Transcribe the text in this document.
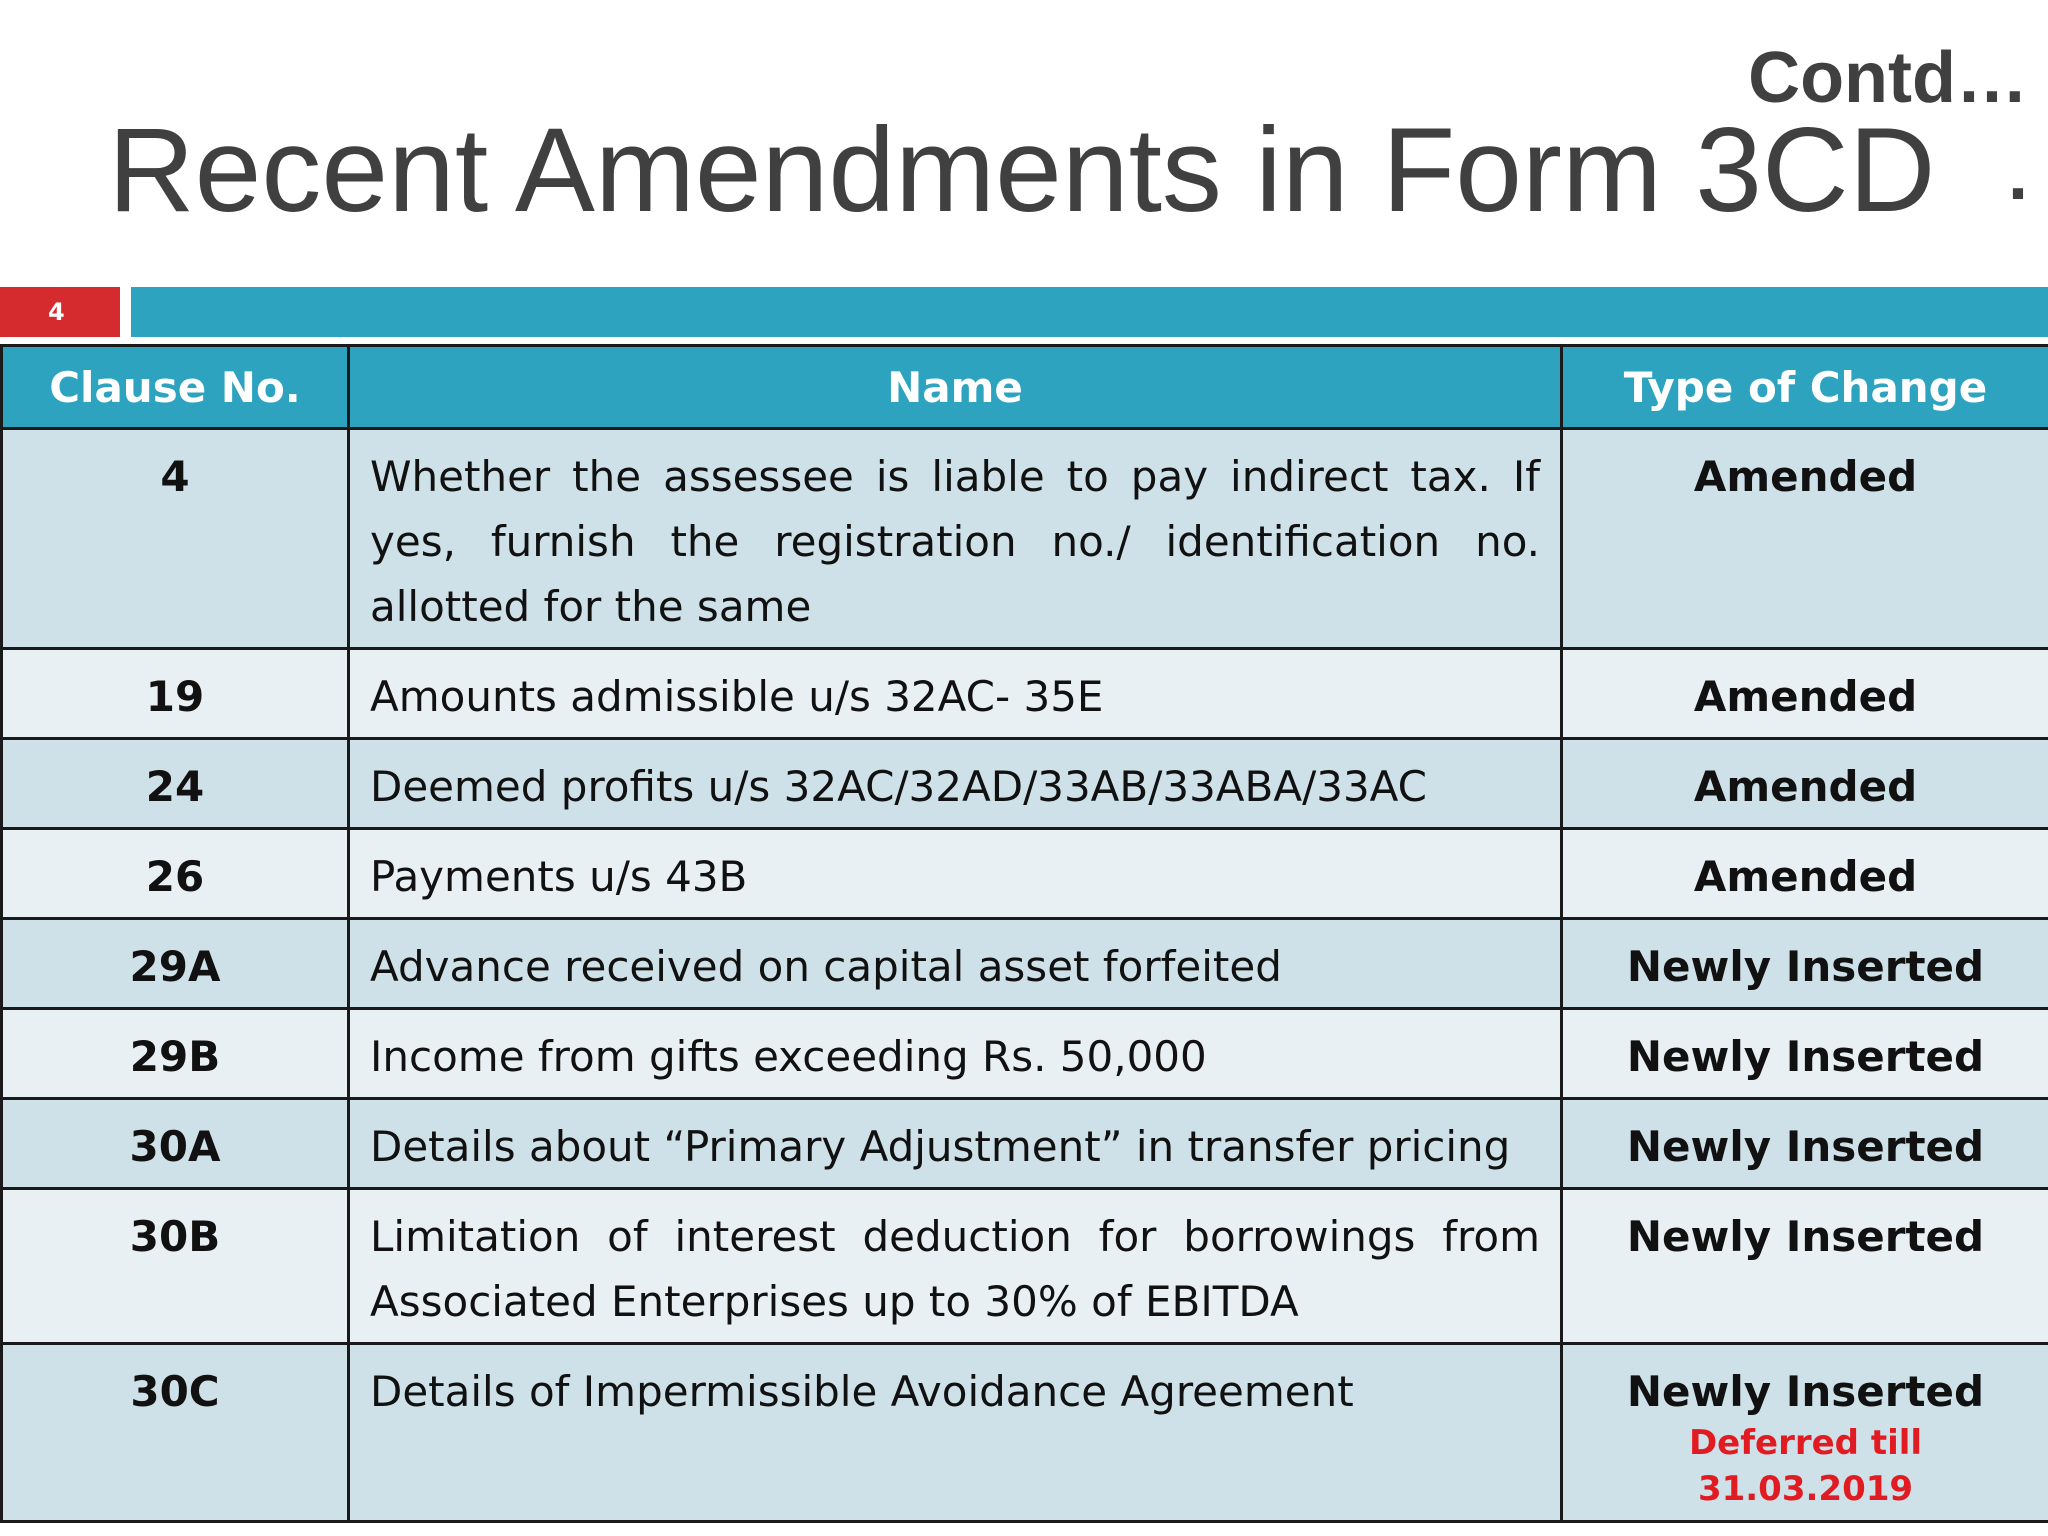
Contd…
.
Recent Amendments in Form 3CD
4
Clause No.	Name	Type of Change
4	Whether the assessee is liable to pay indirect tax. If yes, furnish the registration no./ identification no. allotted for the same	Amended
19	Amounts admissible u/s 32AC- 35E	Amended
24	Deemed profits u/s 32AC/32AD/33AB/33ABA/33AC	Amended
26	Payments u/s 43B	Amended
29A	Advance received on capital asset forfeited	Newly Inserted
29B	Income from gifts exceeding Rs. 50,000	Newly Inserted
30A	Details about “Primary Adjustment” in transfer pricing	Newly Inserted
30B	Limitation of interest deduction for borrowings from Associated Enterprises up to 30% of EBITDA	Newly Inserted
30C	Details of Impermissible Avoidance Agreement	Newly Inserted
Deferred till 31.03.2019
